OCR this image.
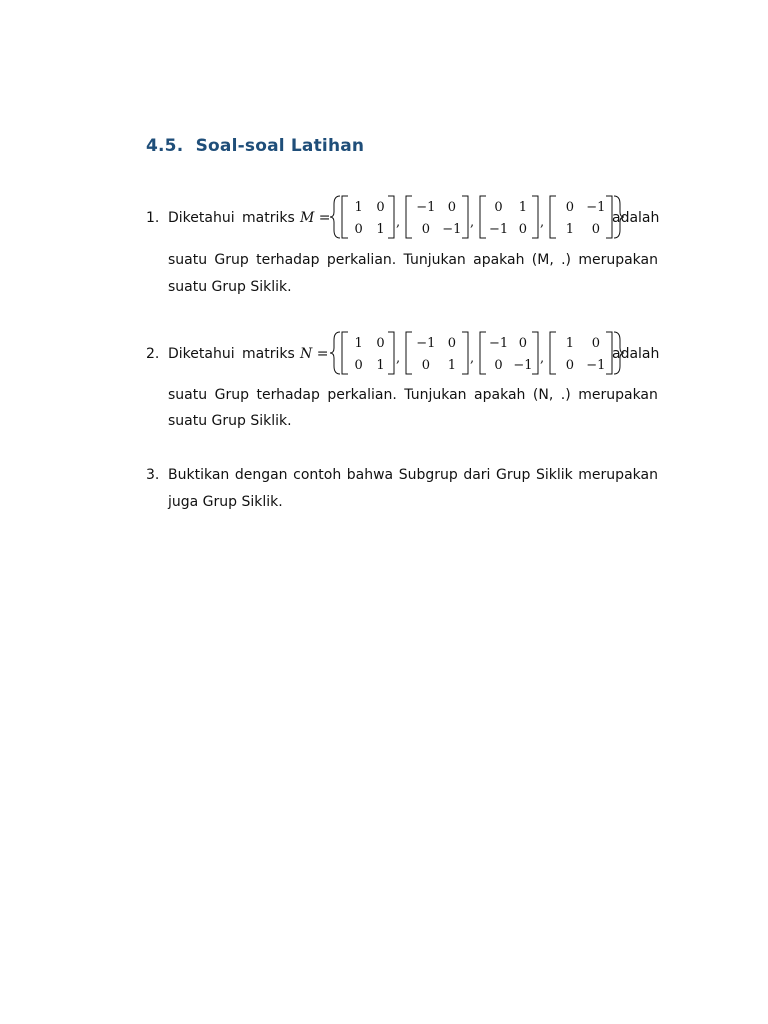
4.5.  Soal-soal Latihan
1. Diketahui matriks M =
1 0
0 1 ,
−1 0
0 −1 ,
0 1
−1 0 ,
0 −1
1 0
adalah
suatu Grup terhadap perkalian. Tunjukan apakah (M, .) merupakan
suatu Grup Siklik.
2. Diketahui matriks N =
1 0
0 1 ,
−1 0
0 1 ,
−1 0
0 −1 ,
1 0
0 −1
adalah
suatu Grup terhadap perkalian. Tunjukan apakah (N, .) merupakan
suatu Grup Siklik.
3. Buktikan dengan contoh bahwa Subgrup dari Grup Siklik merupakan
juga Grup Siklik.
